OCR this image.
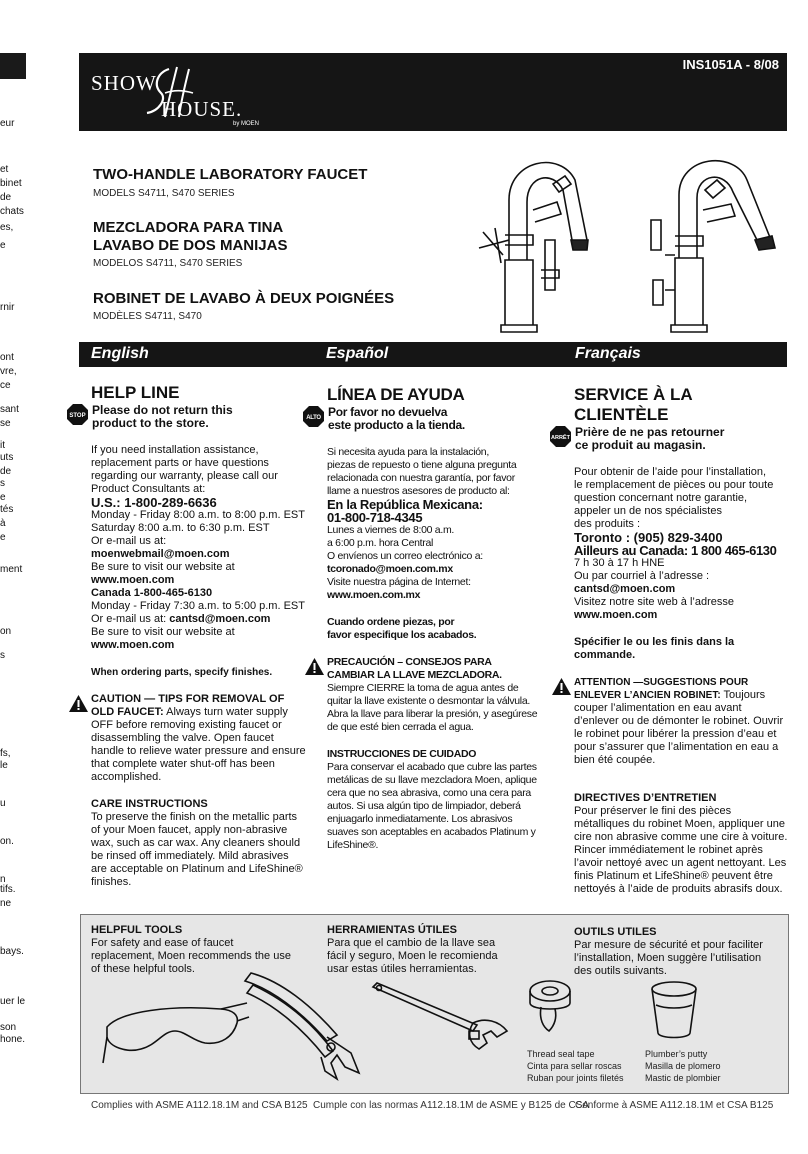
eur
et
binet
de
chats
es,
e
rnir
ont
vre,
ce
sant
se
it
uts
de
s
e
tés
à
e
ment
on
s
fs,
le
u
on.
n
tifs.
ne
bays.
uer le
son
hone.
SHOW
HOUSE.
by MOEN
INS1051A - 8/08
TWO-HANDLE LABORATORY FAUCET
MODELS S4711, S470 SERIES
MEZCLADORA PARA TINA
LAVABO DE DOS MANIJAS
MODELOS S4711, S470 SERIES
ROBINET DE LAVABO À DEUX POIGNÉES
MODÈLES S4711, S470
English	Español	Français
HELP LINE
STOP Please do not return this
product to the store.
If you need installation assistance,
replacement parts or have questions
regarding our warranty, please call our
Product Consultants at:
U.S.: 1-800-289-6636
Monday - Friday 8:00 a.m. to 8:00 p.m. EST
Saturday 8:00 a.m. to 6:30 p.m. EST
Or e-mail us at:
moenwebmail@moen.com
Be sure to visit our website at
www.moen.com
Canada 1-800-465-6130
Monday - Friday 7:30 a.m. to 5:00 p.m. EST
Or e-mail us at: cantsd@moen.com
Be sure to visit our website at
www.moen.com
When ordering parts, specify finishes.
CAUTION — TIPS FOR REMOVAL OF
OLD FAUCET: Always turn water supply
OFF before removing existing faucet or disassembling the valve. Open faucet handle to relieve water pressure and ensure that complete water shut-off has been accomplished.
CARE INSTRUCTIONS
To preserve the finish on the metallic parts of your Moen faucet, apply non-abrasive wax, such as car wax. Any cleaners should be rinsed off immediately. Mild abrasives are acceptable on Platinum and LifeShine® finishes.
LÍNEA DE AYUDA
ALTO Por favor no devuelva
este producto a la tienda.
Si necesita ayuda para la instalación,
piezas de repuesto o tiene alguna pregunta
relacionada con nuestra garantía, por favor
llame a nuestros asesores de producto al:
En la República Mexicana:
01-800-718-4345
Lunes a viernes de 8:00 a.m.
a 6:00 p.m. hora Central
O envíenos un correo electrónico a:
tcoronado@moen.com.mx
Visite nuestra página de Internet:
www.moen.com.mx
Cuando ordene piezas, por
favor especifique los acabados.
PRECAUCIÓN – CONSEJOS PARA
CAMBIAR LA LLAVE MEZCLADORA.
Siempre CIERRE la toma de agua antes de quitar la llave existente o desmontar la válvula. Abra la llave para liberar la presión, y asegúrese de que esté bien cerrada el agua.
INSTRUCCIONES DE CUIDADO
Para conservar el acabado que cubre las partes metálicas de su llave mezcladora Moen, aplique cera que no sea abrasiva, como una cera para autos. Si usa algún tipo de limpiador, deberá enjuagarlo inmediatamente. Los abrasivos suaves son aceptables en acabados Platinum y LifeShine®.
SERVICE À LA CLIENTÈLE
ARRÊT Prière de ne pas retourner
ce produit au magasin.
Pour obtenir de l’aide pour l’installation,
le remplacement de pièces ou pour toute
question concernant notre garantie,
appeler un de nos spécialistes
des produits :
Toronto : (905) 829-3400
Ailleurs au Canada: 1 800 465-6130
7 h 30 à 17 h HNE
Ou par courriel à l’adresse :
cantsd@moen.com
Visitez notre site web à l’adresse
www.moen.com
Spécifier le ou les finis dans la
commande.
ATTENTION —SUGGESTIONS POUR
ENLEVER L’ANCIEN ROBINET: Toujours
couper l’alimentation en eau avant d’enlever ou de démonter le robinet. Ouvrir le robinet pour libérer la pression d’eau et pour s’assurer que l’alimentation en eau a bien été coupée.
DIRECTIVES D’ENTRETIEN
Pour préserver le fini des pièces métalliques du robinet Moen, appliquer une cire non abrasive comme une cire à voiture. Rincer immédiatement le robinet après l’avoir nettoyé avec un agent nettoyant. Les finis Platinum et LifeShine® peuvent être nettoyés à l’aide de produits abrasifs doux.
HELPFUL TOOLS
For safety and ease of faucet replacement, Moen recommends the use of these helpful tools.
HERRAMIENTAS ÚTILES
Para que el cambio de la llave sea fácil y seguro, Moen le recomienda usar estas útiles herramientas.
OUTILS UTILES
Par mesure de sécurité et pour faciliter l’installation, Moen suggère l’utilisation des outils suivants.
Thread seal tape
Cinta para sellar roscas
Ruban pour joints filetés
Plumber’s putty
Masilla de plomero
Mastic de plombier
Complies with ASME A112.18.1M and CSA B125 Cumple con las normas A112.18.1M de ASME y B125 de CSA
Conforme à ASME A112.18.1M et CSA B125
